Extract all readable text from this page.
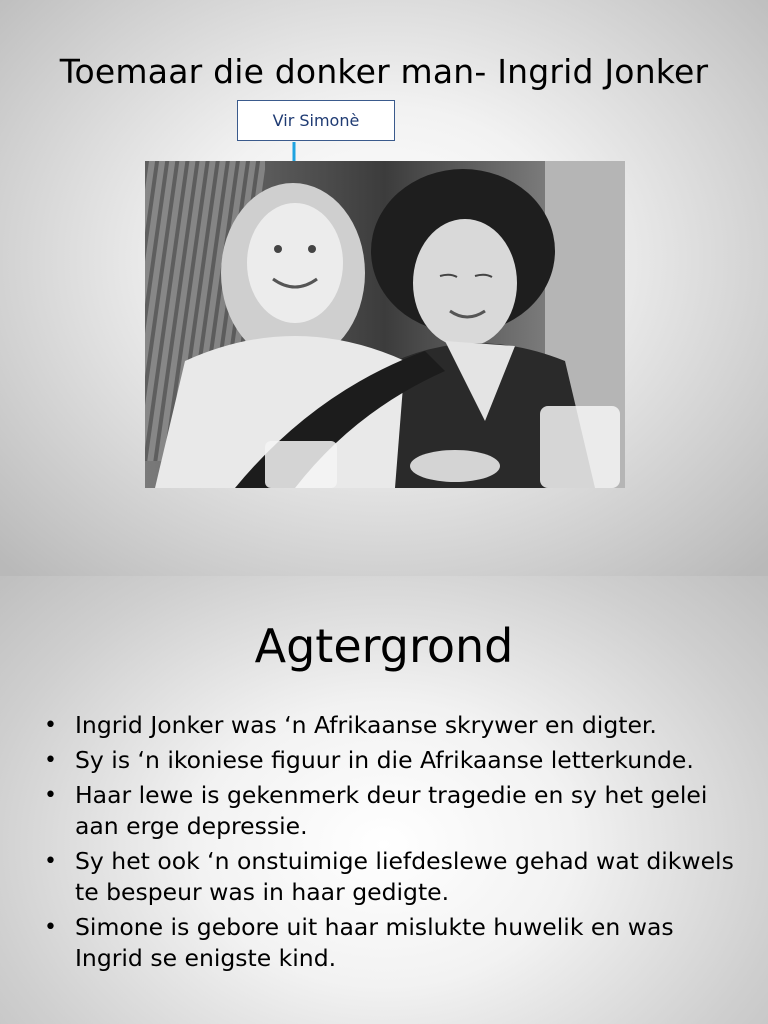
Toemaar die donker man- Ingrid Jonker
Vir Simonè
Agtergrond
• Ingrid Jonker was ‘n Afrikaanse skrywer en digter.
• Sy is ‘n ikoniese figuur in die Afrikaanse letterkunde.
• Haar lewe is gekenmerk deur tragedie en sy het gelei aan erge depressie.
• Sy het ook ‘n onstuimige liefdeslewe gehad wat dikwels te bespeur was in haar gedigte.
• Simone is gebore uit haar mislukte huwelik en was Ingrid se enigste kind.
